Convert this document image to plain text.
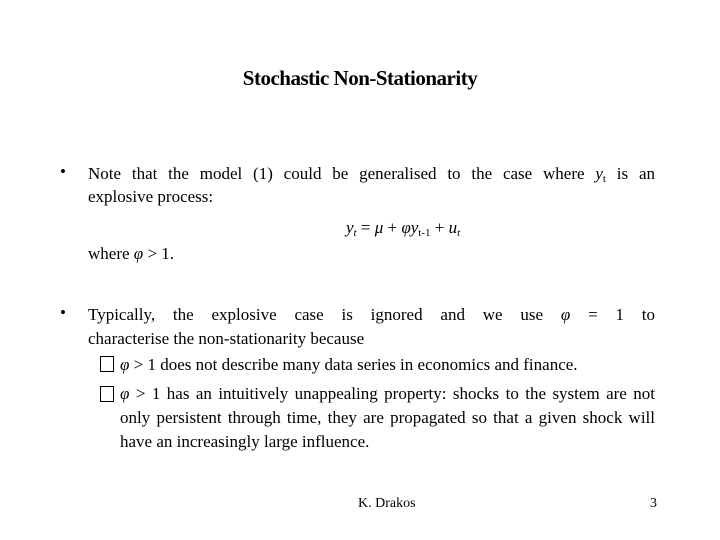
Stochastic Non-Stationarity
• Note that the model (1) could be generalised to the case where $y_t$ is an
explosive process:
$y_t = \mu + \varphi y_{t-1} + u_t$
where φ > 1.
• Typically, the explosive case is ignored and we use φ = 1 to
characterise the non-stationarity because
φ > 1 does not describe many data series in economics and finance.
φ > 1 has an intuitively unappealing property: shocks to the system are not only persistent through time, they are propagated so that a given shock will have an increasingly large influence.
K. Drakos	3
